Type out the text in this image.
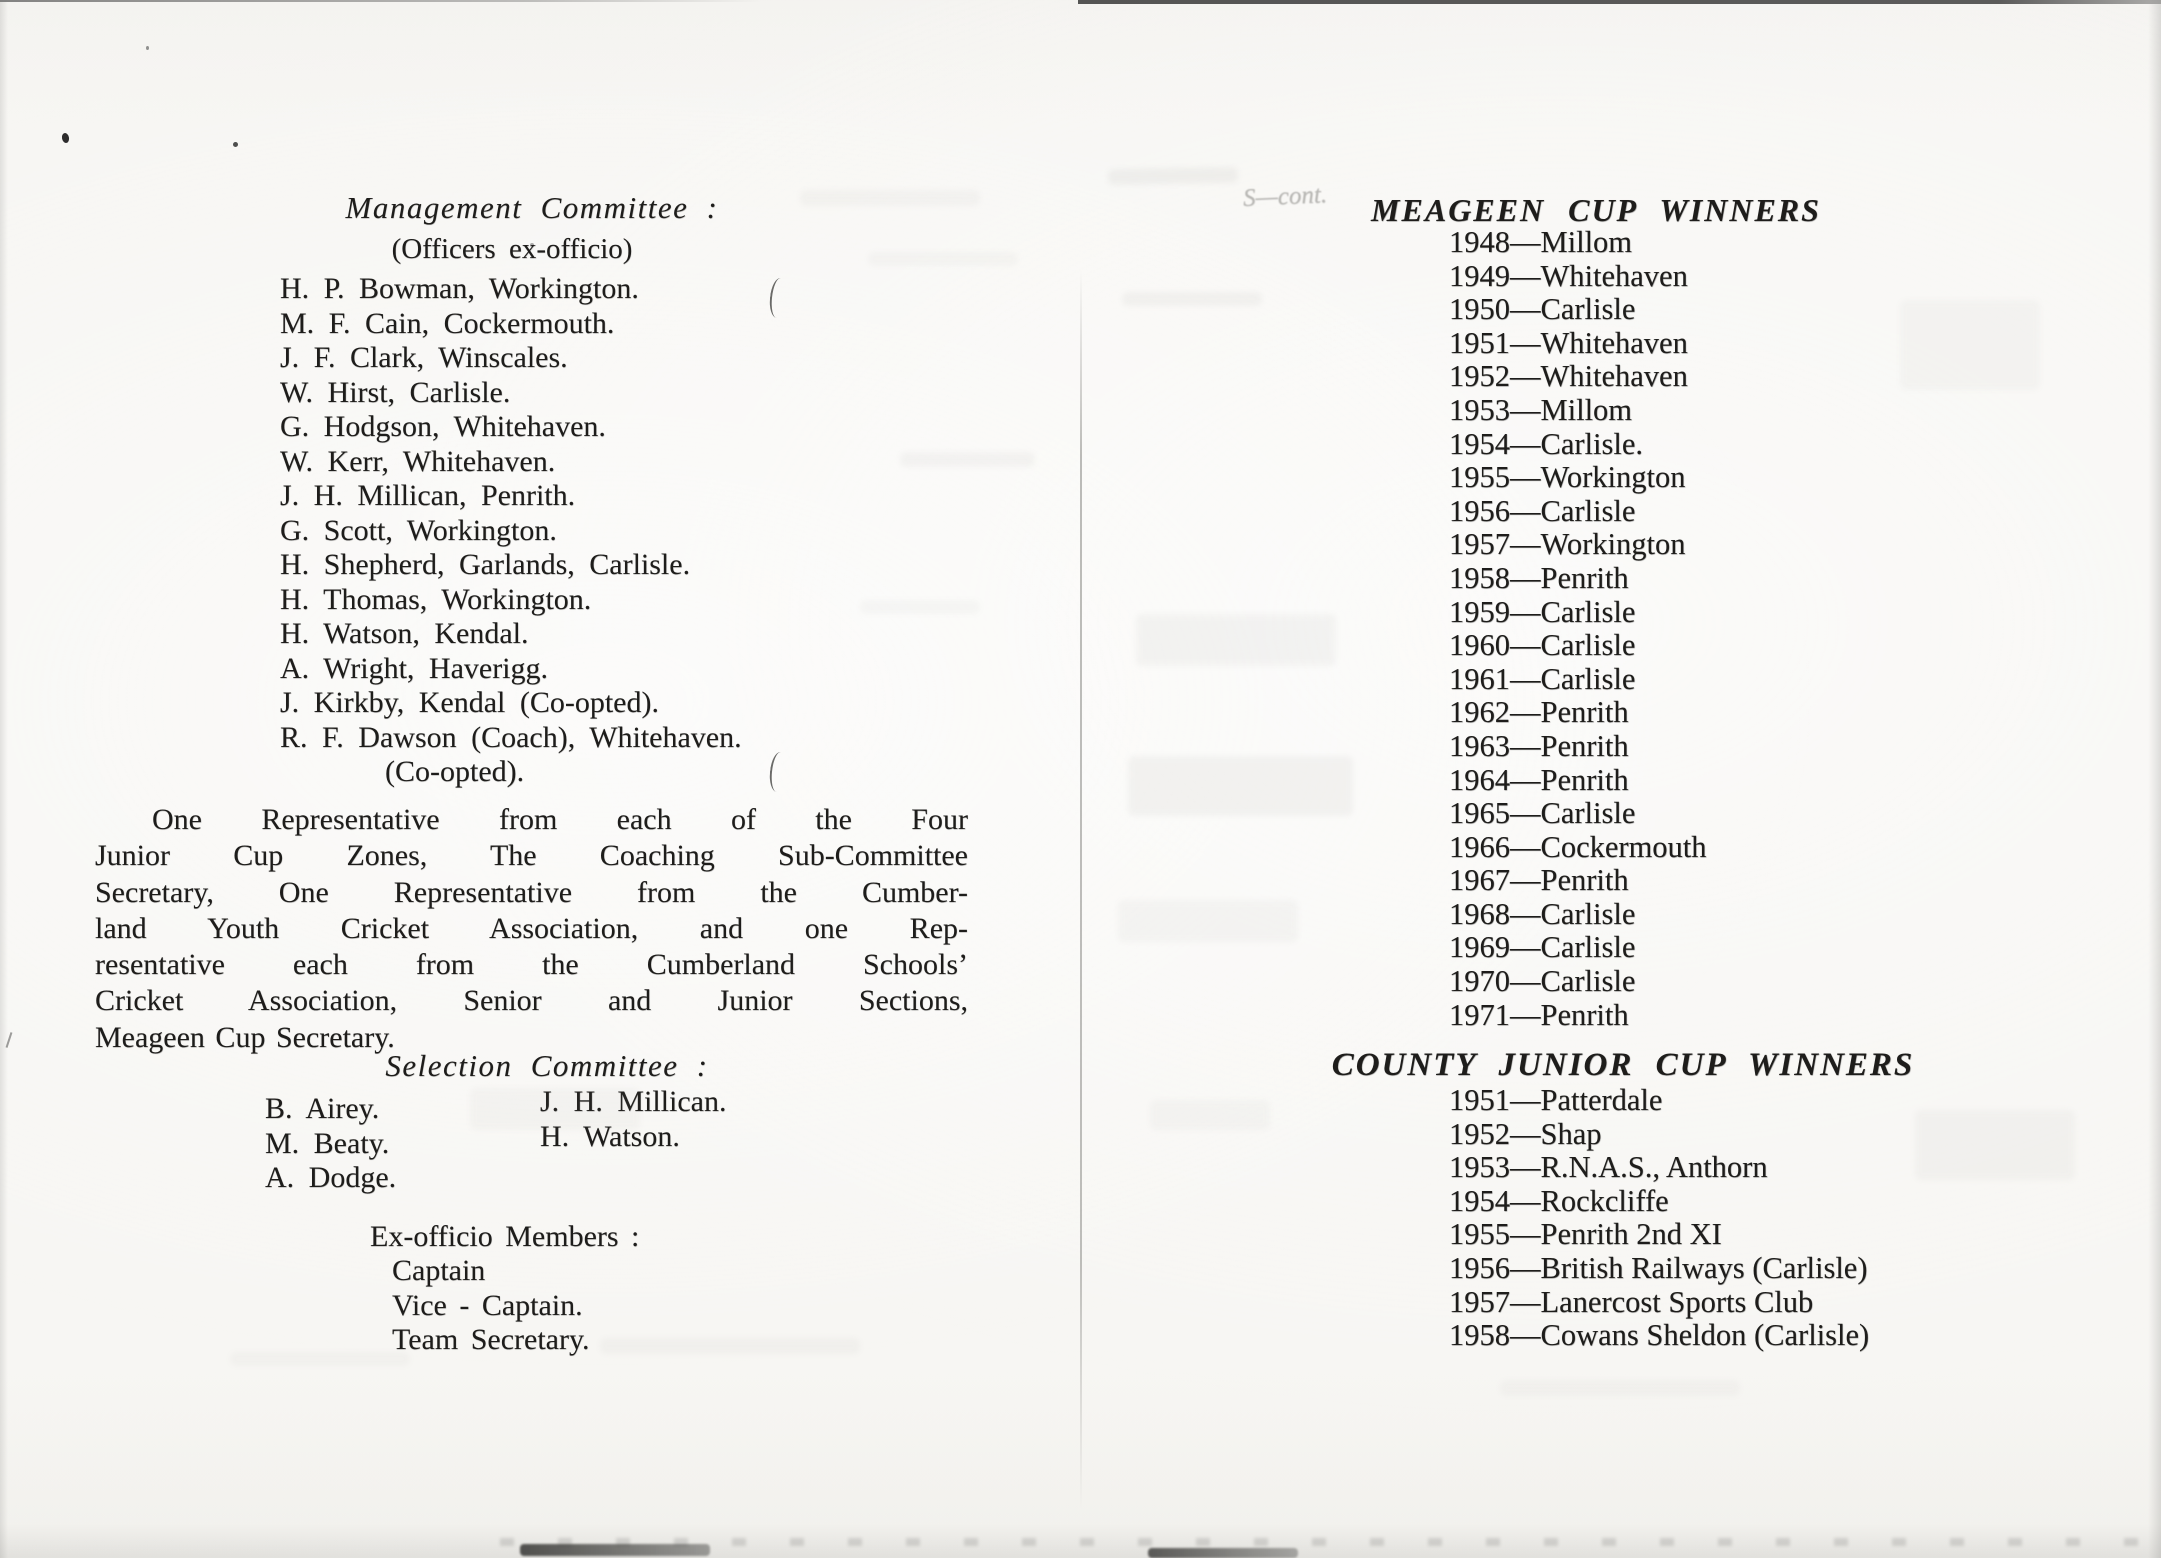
Management Committee :
(Officers ex-officio)
H. P. Bowman, Workington.
M. F. Cain, Cockermouth.
J. F. Clark, Winscales.
W. Hirst, Carlisle.
G. Hodgson, Whitehaven.
W. Kerr, Whitehaven.
J. H. Millican, Penrith.
G. Scott, Workington.
H. Shepherd, Garlands, Carlisle.
H. Thomas, Workington.
H. Watson, Kendal.
A. Wright, Haverigg.
J. Kirkby, Kendal (Co-opted).
R. F. Dawson (Coach), Whitehaven.
(Co-opted).
One Representative from each of the Four
Junior Cup Zones, The Coaching Sub-Committee
Secretary, One Representative from the Cumber-
land Youth Cricket Association, and one Rep-
resentative each from the Cumberland Schools’
Cricket Association, Senior and Junior Sections,
Meageen Cup Secretary.
Selection Committee :
B. Airey.
M. Beaty.
A. Dodge.
J. H. Millican.
H. Watson.
Ex-officio Members :
Captain
Vice - Captain.
Team Secretary.
MEAGEEN CUP WINNERS
1948—Millom
1949—Whitehaven
1950—Carlisle
1951—Whitehaven
1952—Whitehaven
1953—Millom
1954—Carlisle.
1955—Workington
1956—Carlisle
1957—Workington
1958—Penrith
1959—Carlisle
1960—Carlisle
1961—Carlisle
1962—Penrith
1963—Penrith
1964—Penrith
1965—Carlisle
1966—Cockermouth
1967—Penrith
1968—Carlisle
1969—Carlisle
1970—Carlisle
1971—Penrith
COUNTY JUNIOR CUP WINNERS
1951—Patterdale
1952—Shap
1953—R.N.A.S., Anthorn
1954—Rockcliffe
1955—Penrith 2nd XI
1956—British Railways (Carlisle)
1957—Lanercost Sports Club
1958—Cowans Sheldon (Carlisle)
S—cont.
